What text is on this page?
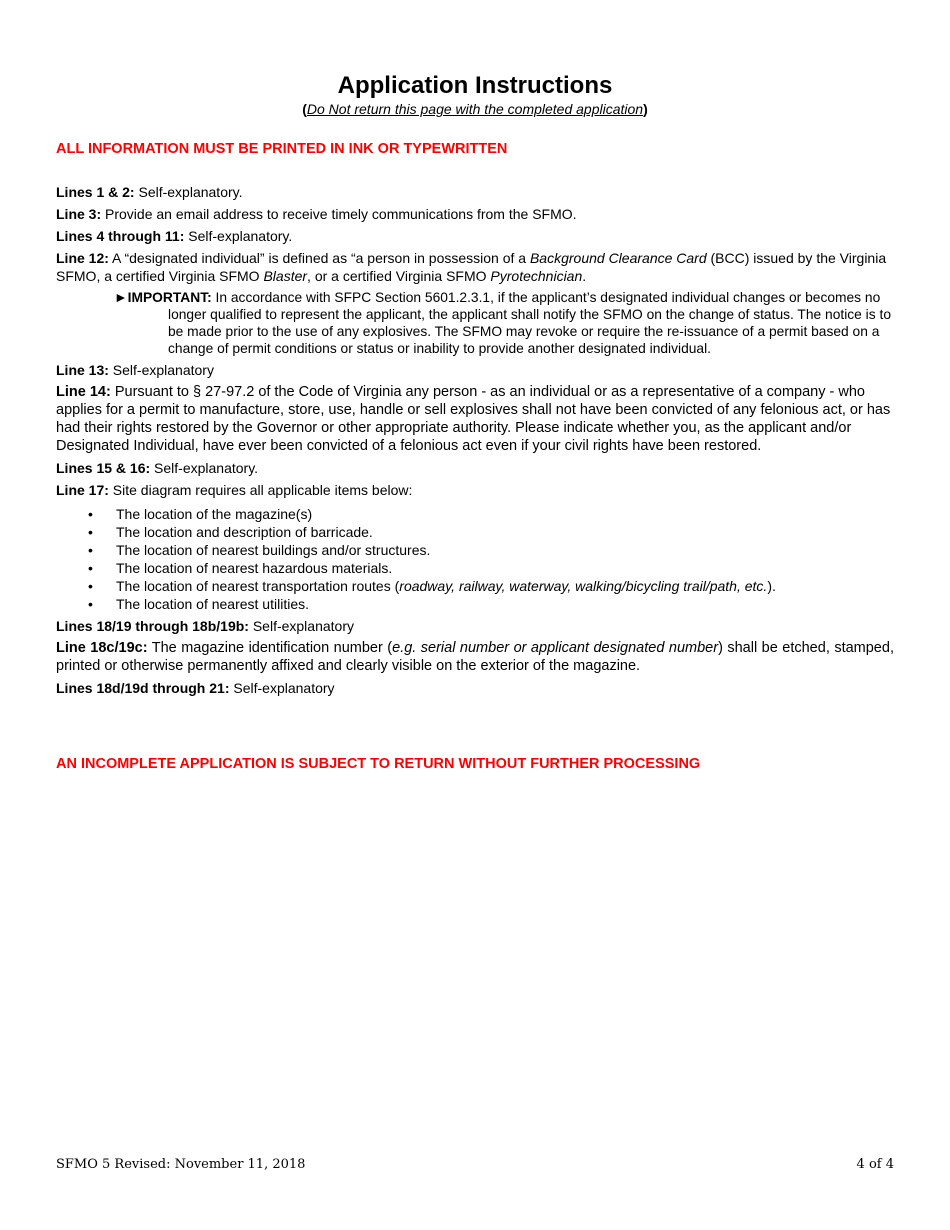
Application Instructions
(Do Not return this page with the completed application)
ALL INFORMATION MUST BE PRINTED IN INK OR TYPEWRITTEN

Lines 1 & 2: Self-explanatory.

Line 3: Provide an email address to receive timely communications from the SFMO.

Lines 4 through 11: Self-explanatory.

Line 12: A “designated individual” is defined as “a person in possession of a Background Clearance Card (BCC) issued by the Virginia SFMO, a certified Virginia SFMO Blaster, or a certified Virginia SFMO Pyrotechnician.

►IMPORTANT: In accordance with SFPC Section 5601.2.3.1, if the applicant’s designated individual changes or becomes no longer qualified to represent the applicant, the applicant shall notify the SFMO on the change of status. The notice is to be made prior to the use of any explosives. The SFMO may revoke or require the re-issuance of a permit based on a change of permit conditions or status or inability to provide another designated individual.

Line 13: Self-explanatory

Line 14: Pursuant to § 27-97.2 of the Code of Virginia any person - as an individual or as a representative of a company - who applies for a permit to manufacture, store, use, handle or sell explosives shall not have been convicted of any felonious act, or has had their rights restored by the Governor or other appropriate authority. Please indicate whether you, as the applicant and/or Designated Individual, have ever been convicted of a felonious act even if your civil rights have been restored.

Lines 15 & 16: Self-explanatory.

Line 17: Site diagram requires all applicable items below:

• The location of the magazine(s)
• The location and description of barricade.
• The location of nearest buildings and/or structures.
• The location of nearest hazardous materials.
• The location of nearest transportation routes (roadway, railway, waterway, walking/bicycling trail/path, etc.).
• The location of nearest utilities.

Lines 18/19 through 18b/19b: Self-explanatory

Line 18c/19c: The magazine identification number (e.g. serial number or applicant designated number) shall be etched, stamped, printed or otherwise permanently affixed and clearly visible on the exterior of the magazine.

Lines 18d/19d through 21: Self-explanatory

AN INCOMPLETE APPLICATION IS SUBJECT TO RETURN WITHOUT FURTHER PROCESSING
SFMO 5 Revised: November 11, 2018	4 of 4
